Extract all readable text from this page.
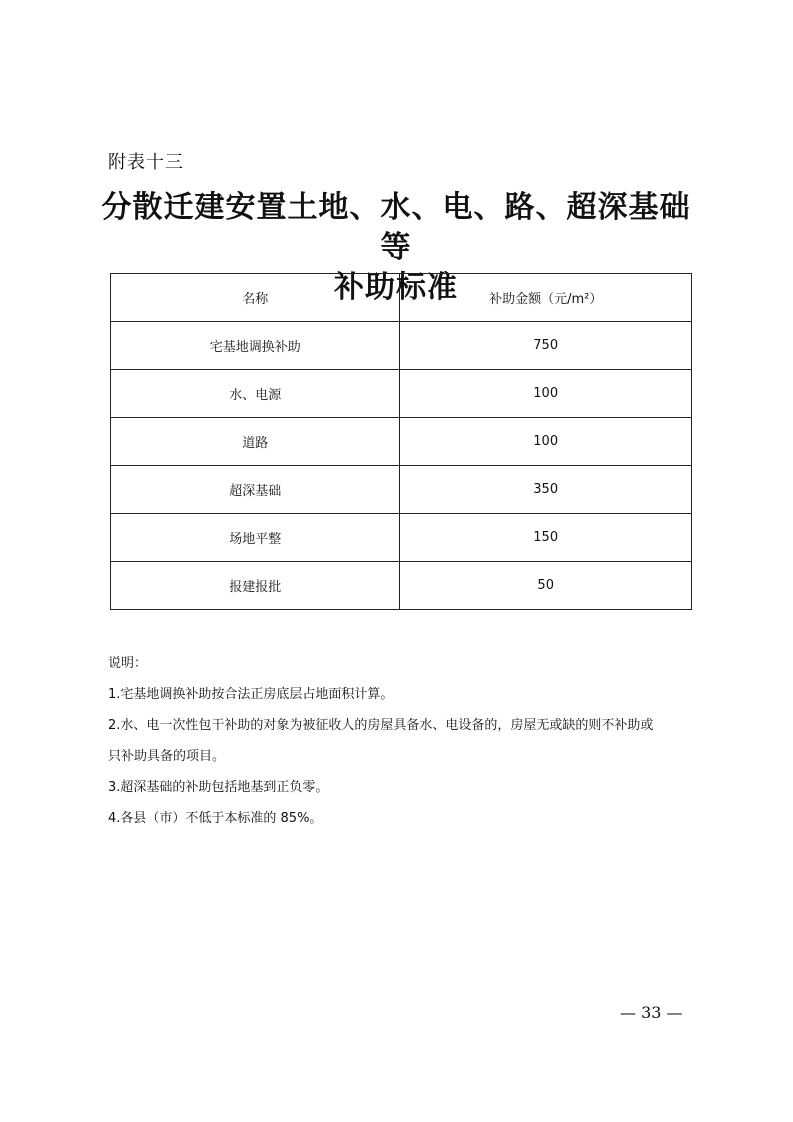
附表十三
分散迁建安置土地、水、电、路、超深基础等
补助标准
名称	补助金额（元/m²）
宅基地调换补助	750
水、电源	100
道路	100
超深基础	350
场地平整	150
报建报批	50

说明：

1.宅基地调换补助按合法正房底层占地面积计算。

2.水、电一次性包干补助的对象为被征收人的房屋具备水、电设备的，房屋无或缺的则不补助或

只补助具备的项目。

3.超深基础的补助包括地基到正负零。

4.各县（市）不低于本标准的 85%。

— 33 —
